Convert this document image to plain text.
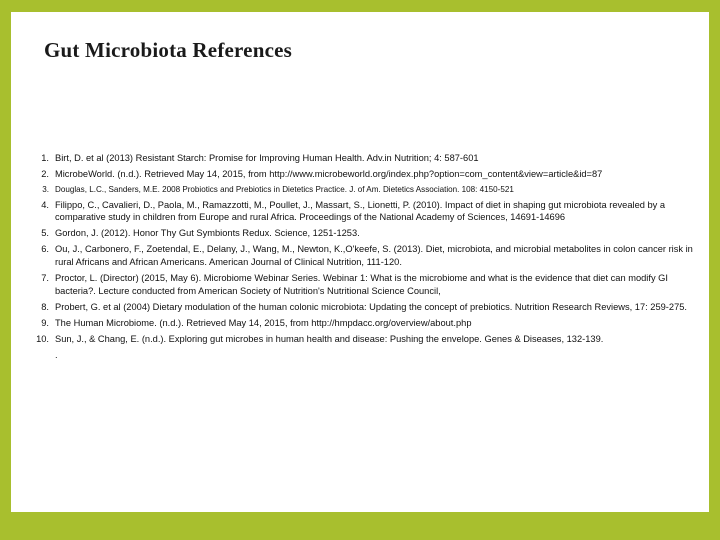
Gut Microbiota References
1. Birt, D. et al (2013) Resistant Starch: Promise for Improving Human Health. Adv.in Nutrition; 4: 587-601
2. MicrobeWorld. (n.d.). Retrieved May 14, 2015, from http://www.microbeworld.org/index.php?option=com_content&view=article&id=87
3. Douglas, L.C., Sanders, M.E. 2008 Probiotics and Prebiotics in Dietetics Practice. J. of Am. Dietetics Association. 108: 4150-521
4. Filippo, C., Cavalieri, D., Paola, M., Ramazzotti, M., Poullet, J., Massart, S., Lionetti, P. (2010). Impact of diet in shaping gut microbiota revealed by a comparative study in children from Europe and rural Africa. Proceedings of the National Academy of Sciences, 14691-14696
5. Gordon, J. (2012). Honor Thy Gut Symbionts Redux. Science, 1251-1253.
6. Ou, J., Carbonero, F., Zoetendal, E., Delany, J., Wang, M., Newton, K.,O'keefe, S. (2013). Diet, microbiota, and microbial metabolites in colon cancer risk in rural Africans and African Americans. American Journal of Clinical Nutrition, 111-120.
7. Proctor, L. (Director) (2015, May 6). Microbiome Webinar Series. Webinar 1: What is the microbiome and what is the evidence that diet can modify GI bacteria?. Lecture conducted from American Society of Nutrition's Nutritional Science Council,
8. Probert, G. et al (2004) Dietary modulation of the human colonic microbiota: Updating the concept of prebiotics. Nutrition Research Reviews, 17: 259-275.
9. The Human Microbiome. (n.d.). Retrieved May 14, 2015, from http://hmpdacc.org/overview/about.php
10. Sun, J., & Chang, E. (n.d.). Exploring gut microbes in human health and disease: Pushing the envelope. Genes & Diseases, 132-139.
.
